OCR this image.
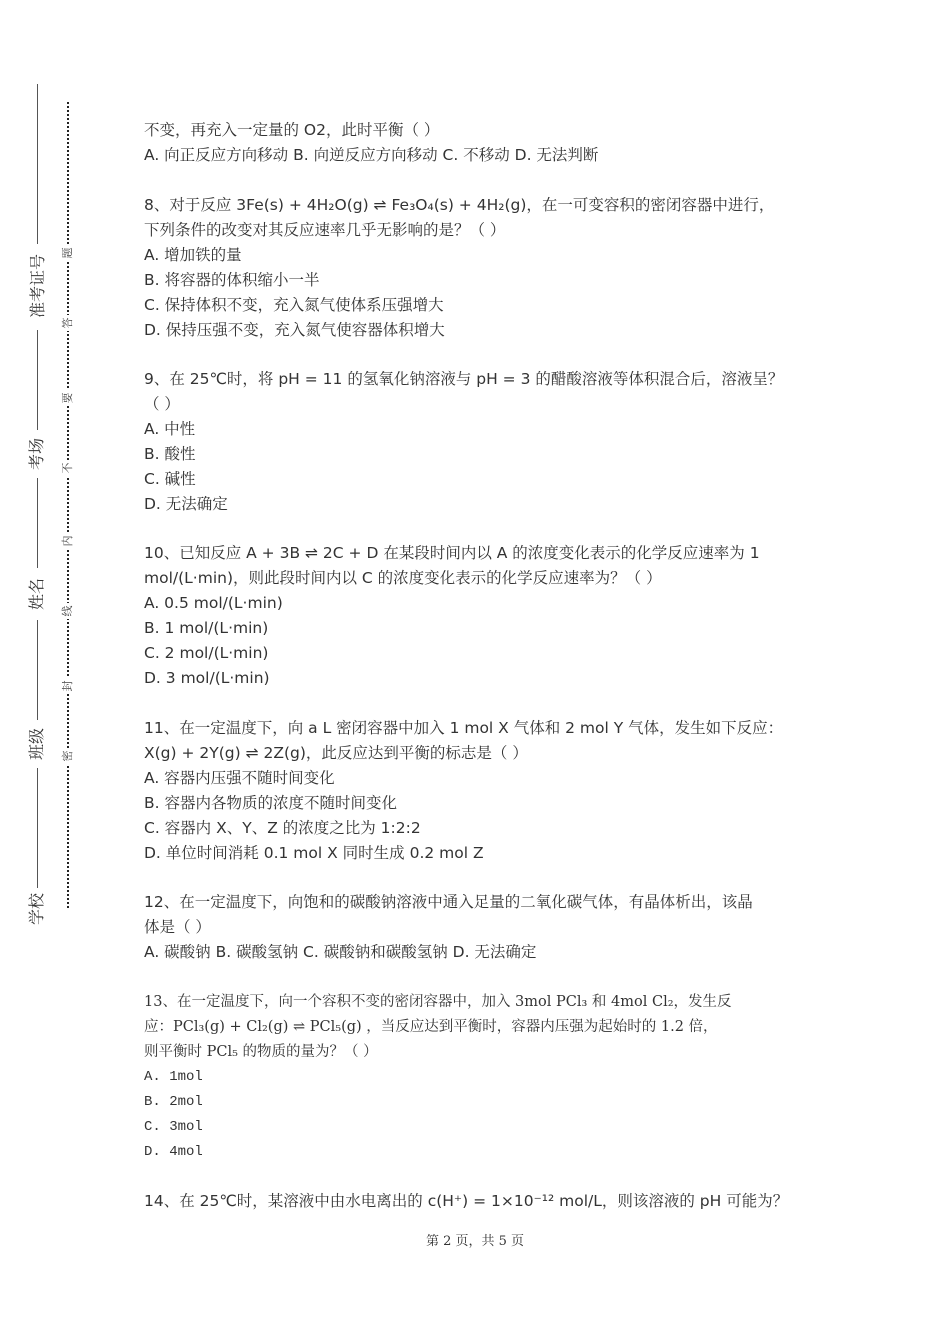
准考证号
考场
姓名
班级
学校
题
答
要
不
内
线
封
密
不变，再充入一定量的 O2，此时平衡（ ）
A. 向正反应方向移动 B. 向逆反应方向移动 C. 不移动 D. 无法判断
8、对于反应 3Fe(s) + 4H₂O(g) ⇌ Fe₃O₄(s) + 4H₂(g)，在一可变容积的密闭容器中进行，
下列条件的改变对其反应速率几乎无影响的是？（ ）
A. 增加铁的量
B. 将容器的体积缩小一半
C. 保持体积不变，充入氮气使体系压强增大
D. 保持压强不变，充入氮气使容器体积增大
9、在 25℃时，将 pH = 11 的氢氧化钠溶液与 pH = 3 的醋酸溶液等体积混合后，溶液呈？
（ ）
A. 中性
B. 酸性
C. 碱性
D. 无法确定
10、已知反应 A + 3B ⇌ 2C + D 在某段时间内以 A 的浓度变化表示的化学反应速率为 1
mol/(L·min)，则此段时间内以 C 的浓度变化表示的化学反应速率为？（ ）
A. 0.5 mol/(L·min)
B. 1 mol/(L·min)
C. 2 mol/(L·min)
D. 3 mol/(L·min)
11、在一定温度下，向 a L 密闭容器中加入 1 mol X 气体和 2 mol Y 气体，发生如下反应：
X(g) + 2Y(g) ⇌ 2Z(g)，此反应达到平衡的标志是（ ）
A. 容器内压强不随时间变化
B. 容器内各物质的浓度不随时间变化
C. 容器内 X、Y、Z 的浓度之比为 1:2:2
D. 单位时间消耗 0.1 mol X 同时生成 0.2 mol Z
12、在一定温度下，向饱和的碳酸钠溶液中通入足量的二氧化碳气体，有晶体析出，该晶
体是（ ）
A. 碳酸钠 B. 碳酸氢钠 C. 碳酸钠和碳酸氢钠 D. 无法确定
13、在一定温度下，向一个容积不变的密闭容器中，加入 3mol PCl₃ 和 4mol Cl₂，发生反
应：PCl₃(g) + Cl₂(g) ⇌ PCl₅(g) ，当反应达到平衡时，容器内压强为起始时的 1.2 倍，
则平衡时 PCl₅ 的物质的量为？（ ）
A. 1mol
B. 2mol
C. 3mol
D. 4mol
14、在 25℃时，某溶液中由水电离出的 c(H⁺) = 1×10⁻¹² mol/L，则该溶液的 pH 可能为？
第 2 页，共 5 页
